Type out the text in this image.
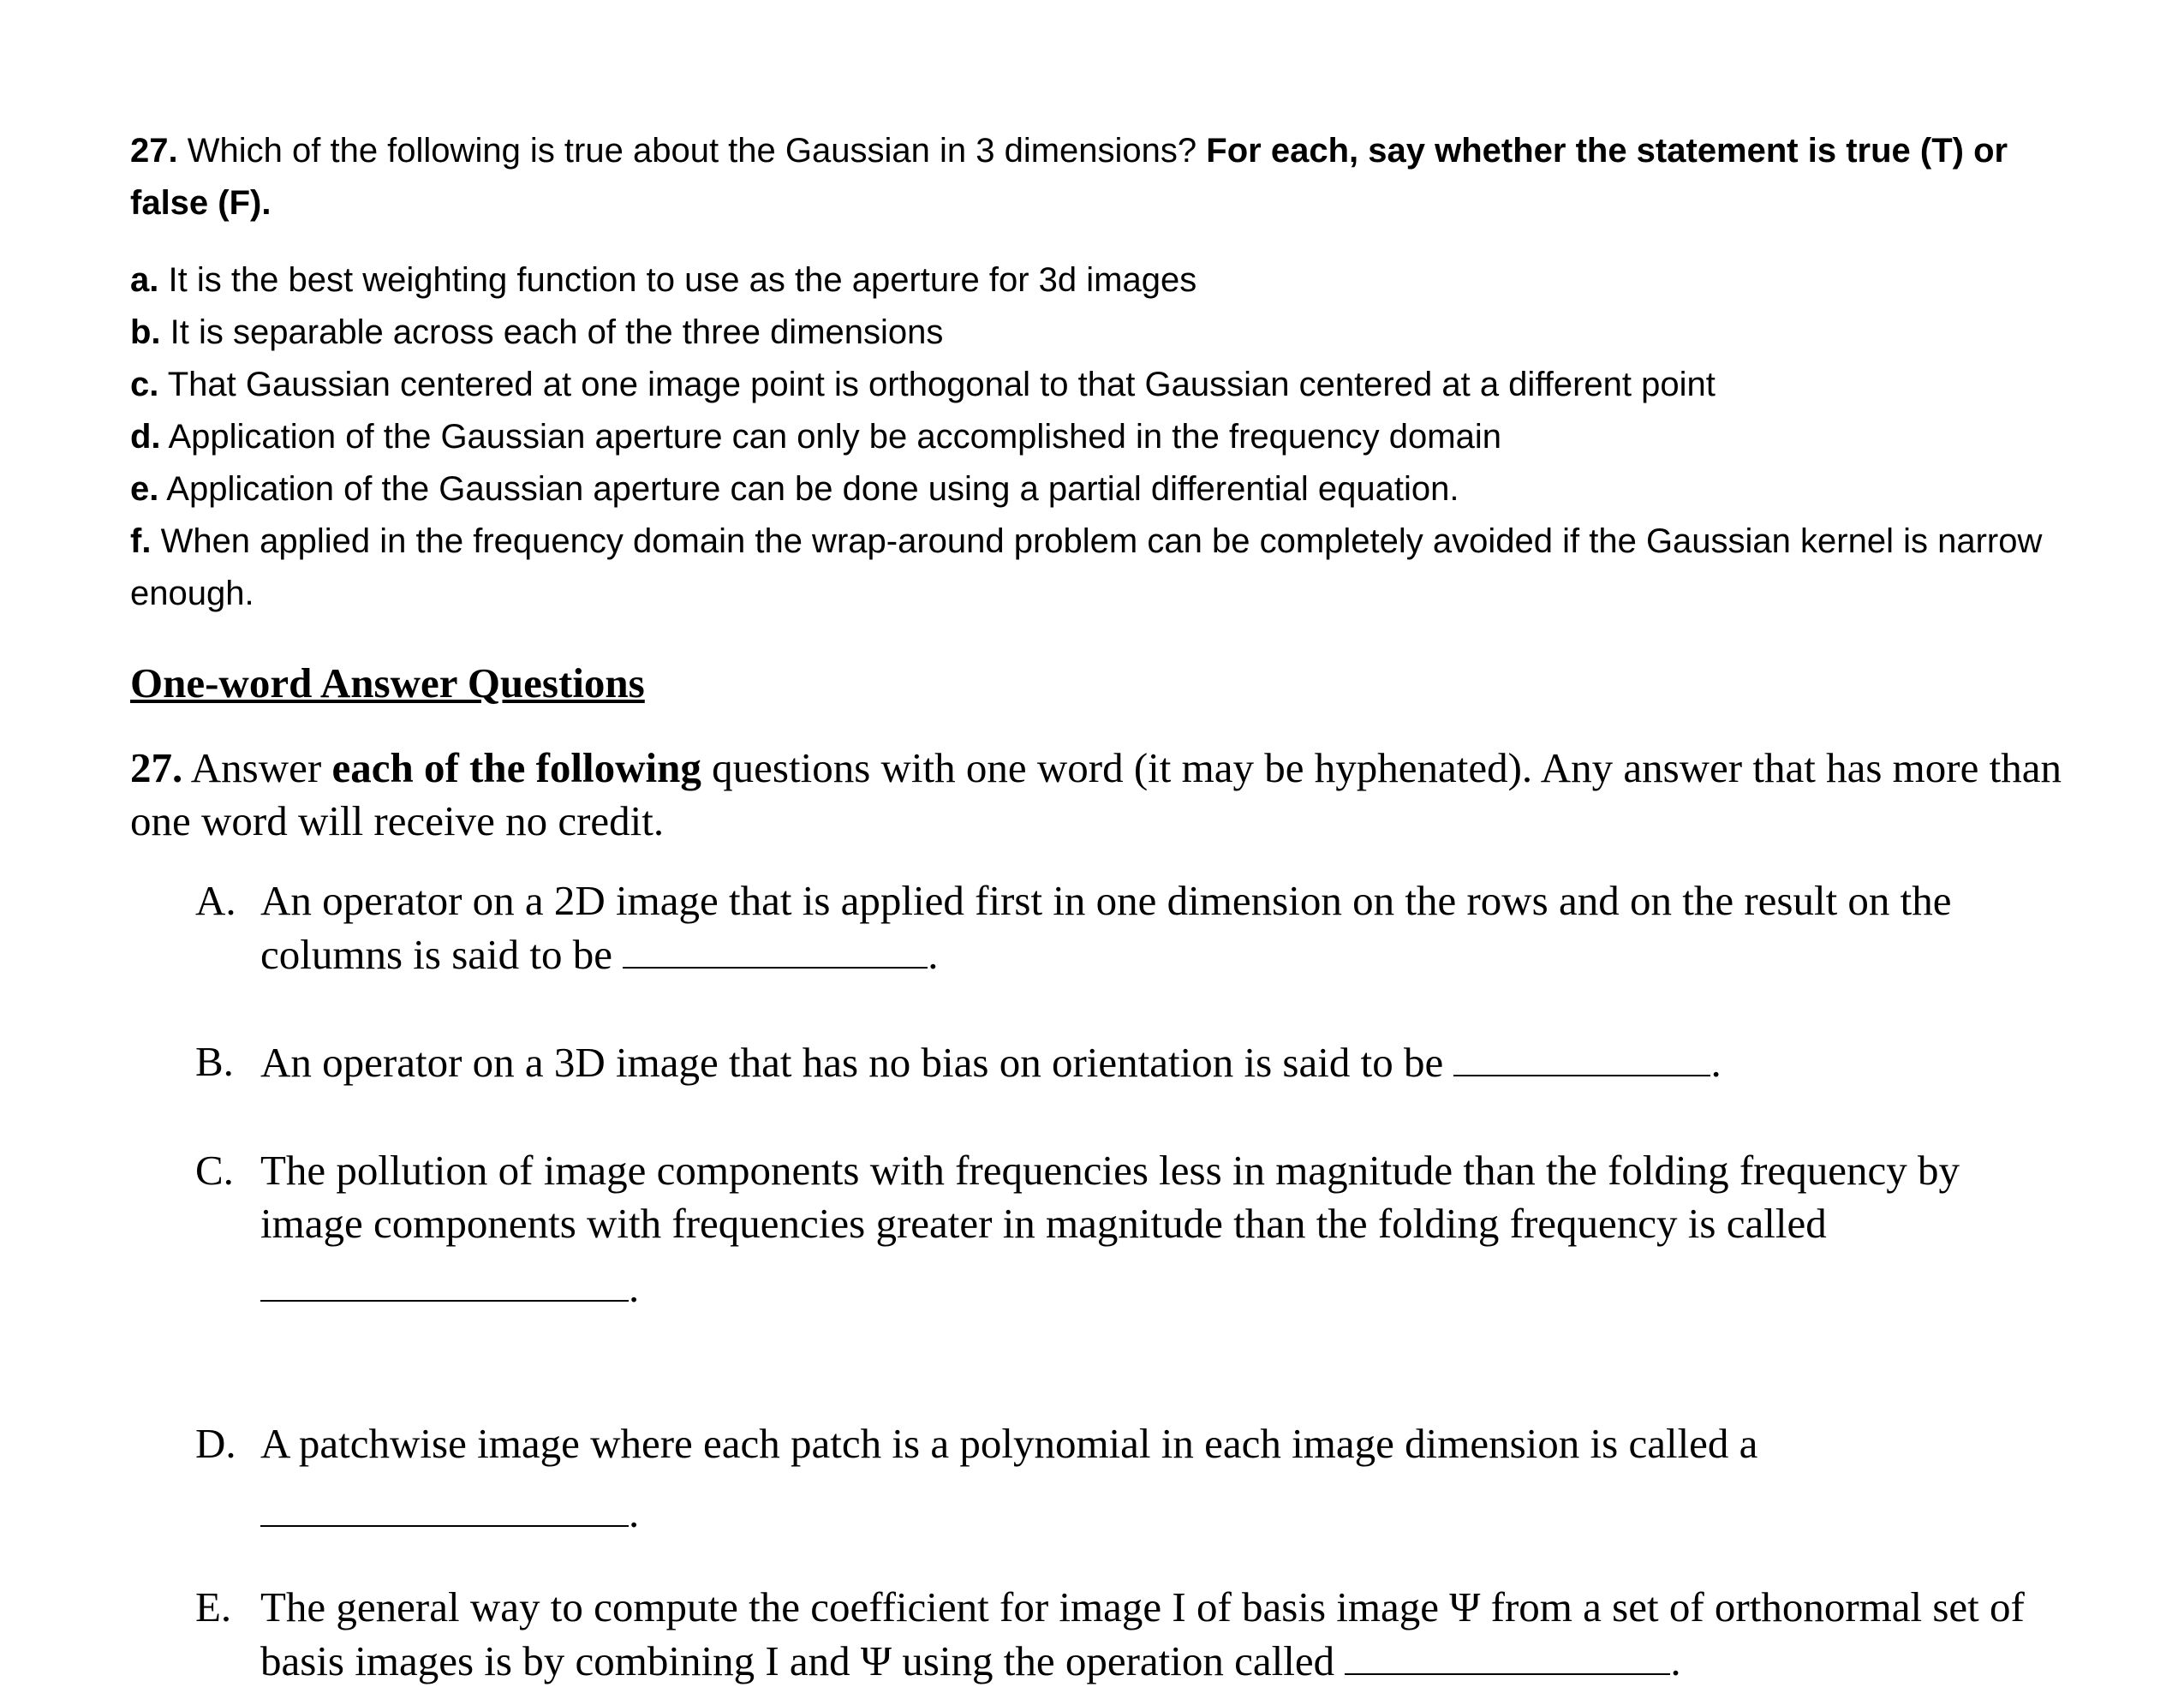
27. Which of the following is true about the Gaussian in 3 dimensions? For each, say whether the statement is true (T) or false (F).

a. It is the best weighting function to use as the aperture for 3d images

b. It is separable across each of the three dimensions

c. That Gaussian centered at one image point is orthogonal to that Gaussian centered at a different point

d. Application of the Gaussian aperture can only be accomplished in the frequency domain

e. Application of the Gaussian aperture can be done using a partial differential equation.

f. When applied in the frequency domain the wrap-around problem can be completely avoided if the Gaussian kernel is narrow enough.

One-word Answer Questions

27. Answer each of the following questions with one word (it may be hyphenated). Any answer that has more than one word will receive no credit.

A. An operator on a 2D image that is applied first in one dimension on the rows and on the result on the columns is said to be	.
B. An operator on a 3D image that has no bias on orientation is said to be	.
C. The pollution of image components with frequencies less in magnitude than the folding frequency by image components with frequencies greater in magnitude than the folding frequency is called
.
D. A patchwise image where each patch is a polynomial in each image dimension is called a
.
E. The general way to compute the coefficient for image I of basis image Ψ from a set of orthonormal set of basis images is by combining I and Ψ using the operation called	.
